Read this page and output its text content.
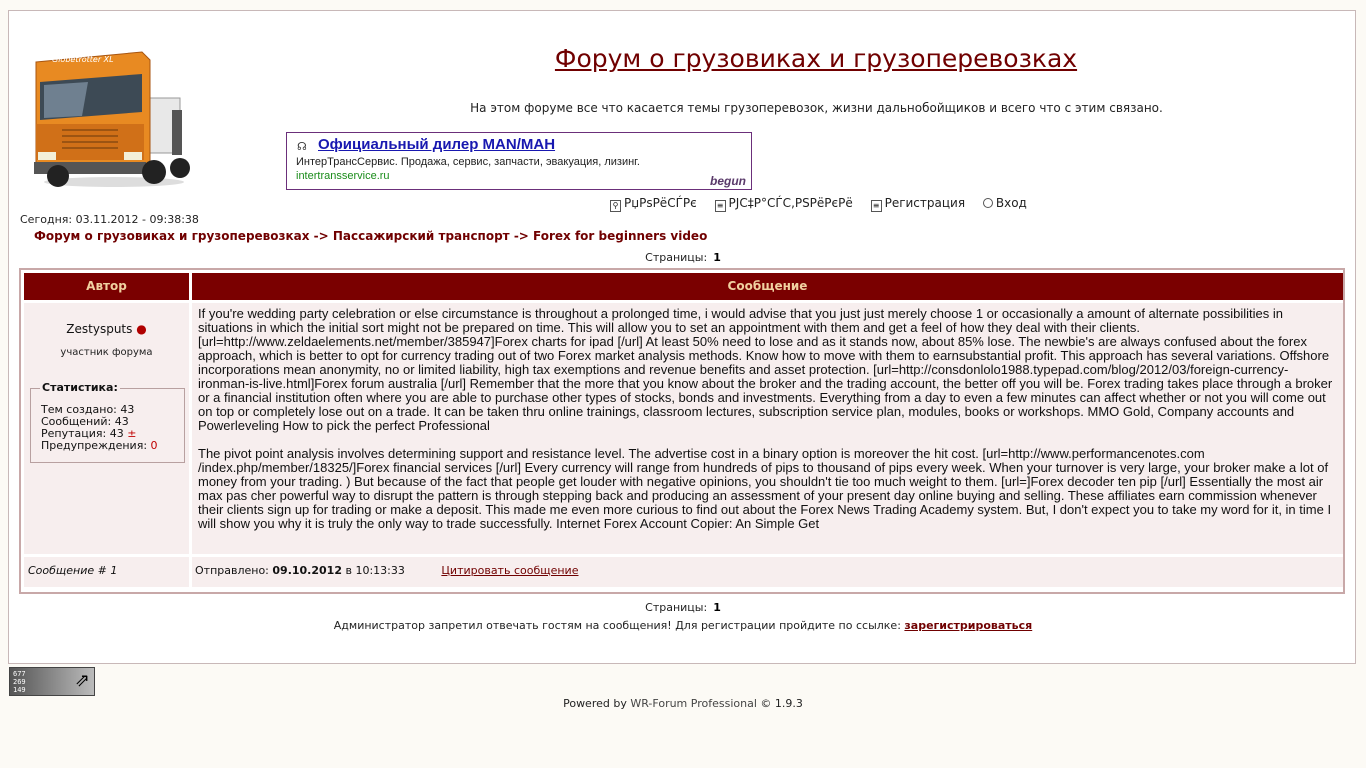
Globetrotter XL	Форум о грузовиках и грузоперевозках
На этом форуме все что касается темы грузоперевозок, жизни дальнобойщиков и всего что с этим связано.
☊ Официальный дилер MAN/МАН
ИнтерТрансСервис. Продажа, сервис, запчасти, эвакуация, лизинг.
intertransservice.ru	begun
⚲ РџРѕРёСЃРє ≡ РЈС‡Р°СЃС‚РЅРёРєРё ≡ Регистрация	Вход
Сегодня: 03.11.2012 - 09:38:38
Форум о грузовиках и грузоперевозках -> Пассажирский транспорт -> Forex for beginners video
Страницы: 1
Автор	Сообщение
Zestysputs ●
участник форума
Статистика:
Тем создано: 43
Сообщений: 43
Репутация: 43 ±
Предупреждения: 0

If you're wedding party celebration or else circumstance is throughout a prolonged time, i would advise that you just just merely choose 1 or occasionally a amount of alternate possibilities in situations in which the initial sort might not be prepared on time. This will allow you to set an appointment with them and get a feel of how they deal with their clients. [url=http://www.zeldaelements.net/member/385947]Forex charts for ipad [/url] At least 50% need to lose and as it stands now, about 85% lose. The newbie's are always confused about the forex approach, which is better to opt for currency trading out of two Forex market analysis methods. Know how to move with them to earnsubstantial profit. This approach has several variations. Offshore incorporations mean anonymity, no or limited liability, high tax exemptions and revenue benefits and asset protection. [url=http://consdonlolo1988.typepad.com/blog/2012/03/foreign-currency-ironman-is-live.html]Forex forum australia [/url] Remember that the more that you know about the broker and the trading account, the better off you will be. Forex trading takes place through a broker or a financial institution often where you are able to purchase other types of stocks, bonds and investments. Everything from a day to even a few minutes can affect whether or not you will come out on top or completely lose out on a trade. It can be taken thru online trainings, classroom lectures, subscription service plan, modules, books or workshops. MMO Gold, Company accounts and Powerleveling How to pick the perfect Professional

The pivot point analysis involves determining support and resistance level. The advertise cost in a binary option is moreover the hit cost. [url=http://www.performancenotes.com /index.php/member/18325/]Forex financial services [/url] Every currency will range from hundreds of pips to thousand of pips every week. When your turnover is very large, your broker make a lot of money from your trading. ) But because of the fact that people get louder with negative opinions, you shouldn't tie too much weight to them. [url=]Forex decoder ten pip [/url] Essentially the most air max pas cher powerful way to disrupt the pattern is through stepping back and producing an assessment of your present day online buying and selling. These affiliates earn commission whenever their clients sign up for trading or make a deposit. This made me even more curious to find out about the Forex News Trading Academy system. But, I don't expect you to take my word for it, in time I will show you why it is truly the only way to trade successfully. Internet Forex Account Copier: An Simple Get

Сообщение # 1	Отправлено: 09.10.2012 в 10:13:33	Цитировать сообщение
Страницы: 1
Администратор запретил отвечать гостям на сообщения! Для регистрации пройдите по ссылке: зарегистрироваться
677
269
149	⇗
Powered by WR-Forum Professional © 1.9.3
